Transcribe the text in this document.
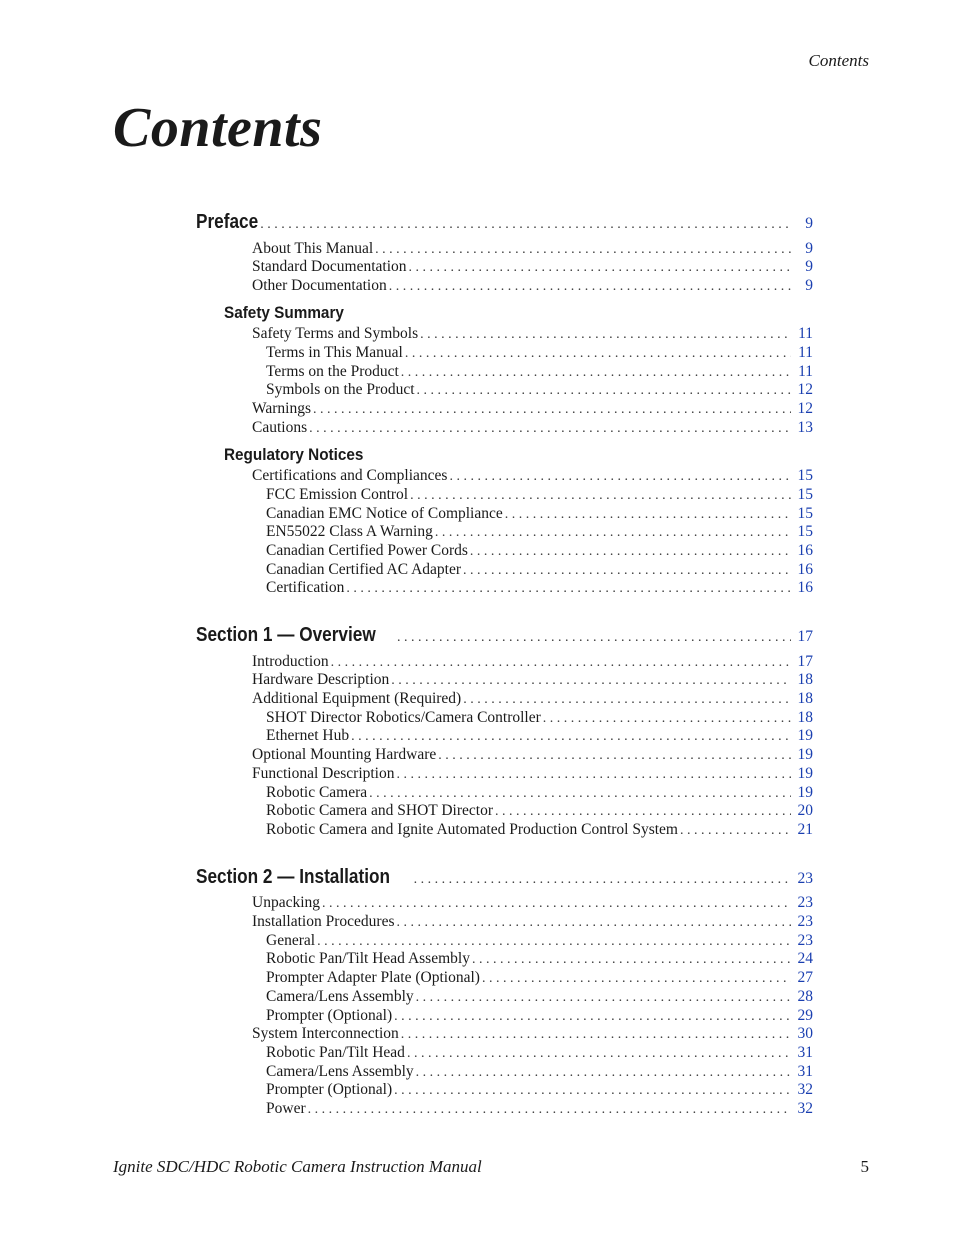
Contents
Contents
Preface . . .	9
About This Manual . . .	9
Standard Documentation . . .	9
Other Documentation . . .	9
Safety Summary
Safety Terms and Symbols . . .	11
Terms in This Manual . . .	11
Terms on the Product . . .	11
Symbols on the Product . . .	12
Warnings . . .	12
Cautions . . .	13
Regulatory Notices
Certifications and Compliances . . .	15
FCC Emission Control . . .	15
Canadian EMC Notice of Compliance . . .	15
EN55022 Class A Warning . . .	15
Canadian Certified Power Cords . . .	16
Canadian Certified AC Adapter . . .	16
Certification . . .	16
Section 1 — Overview . . .	17
Introduction . . .	17
Hardware Description . . .	18
Additional Equipment (Required) . . .	18
SHOT Director Robotics/Camera Controller . . .	18
Ethernet Hub . . .	19
Optional Mounting Hardware . . .	19
Functional Description . . .	19
Robotic Camera . . .	19
Robotic Camera and SHOT Director . . .	20
Robotic Camera and Ignite Automated Production Control System . . .	21
Section 2 — Installation . . .	23
Unpacking . . .	23
Installation Procedures . . .	23
General . . .	23
Robotic Pan/Tilt Head Assembly . . .	24
Prompter Adapter Plate (Optional) . . .	27
Camera/Lens Assembly . . .	28
Prompter (Optional) . . .	29
System Interconnection . . .	30
Robotic Pan/Tilt Head . . .	31
Camera/Lens Assembly . . .	31
Prompter (Optional) . . .	32
Power . . .	32
Ignite SDC/HDC Robotic Camera Instruction Manual	5
